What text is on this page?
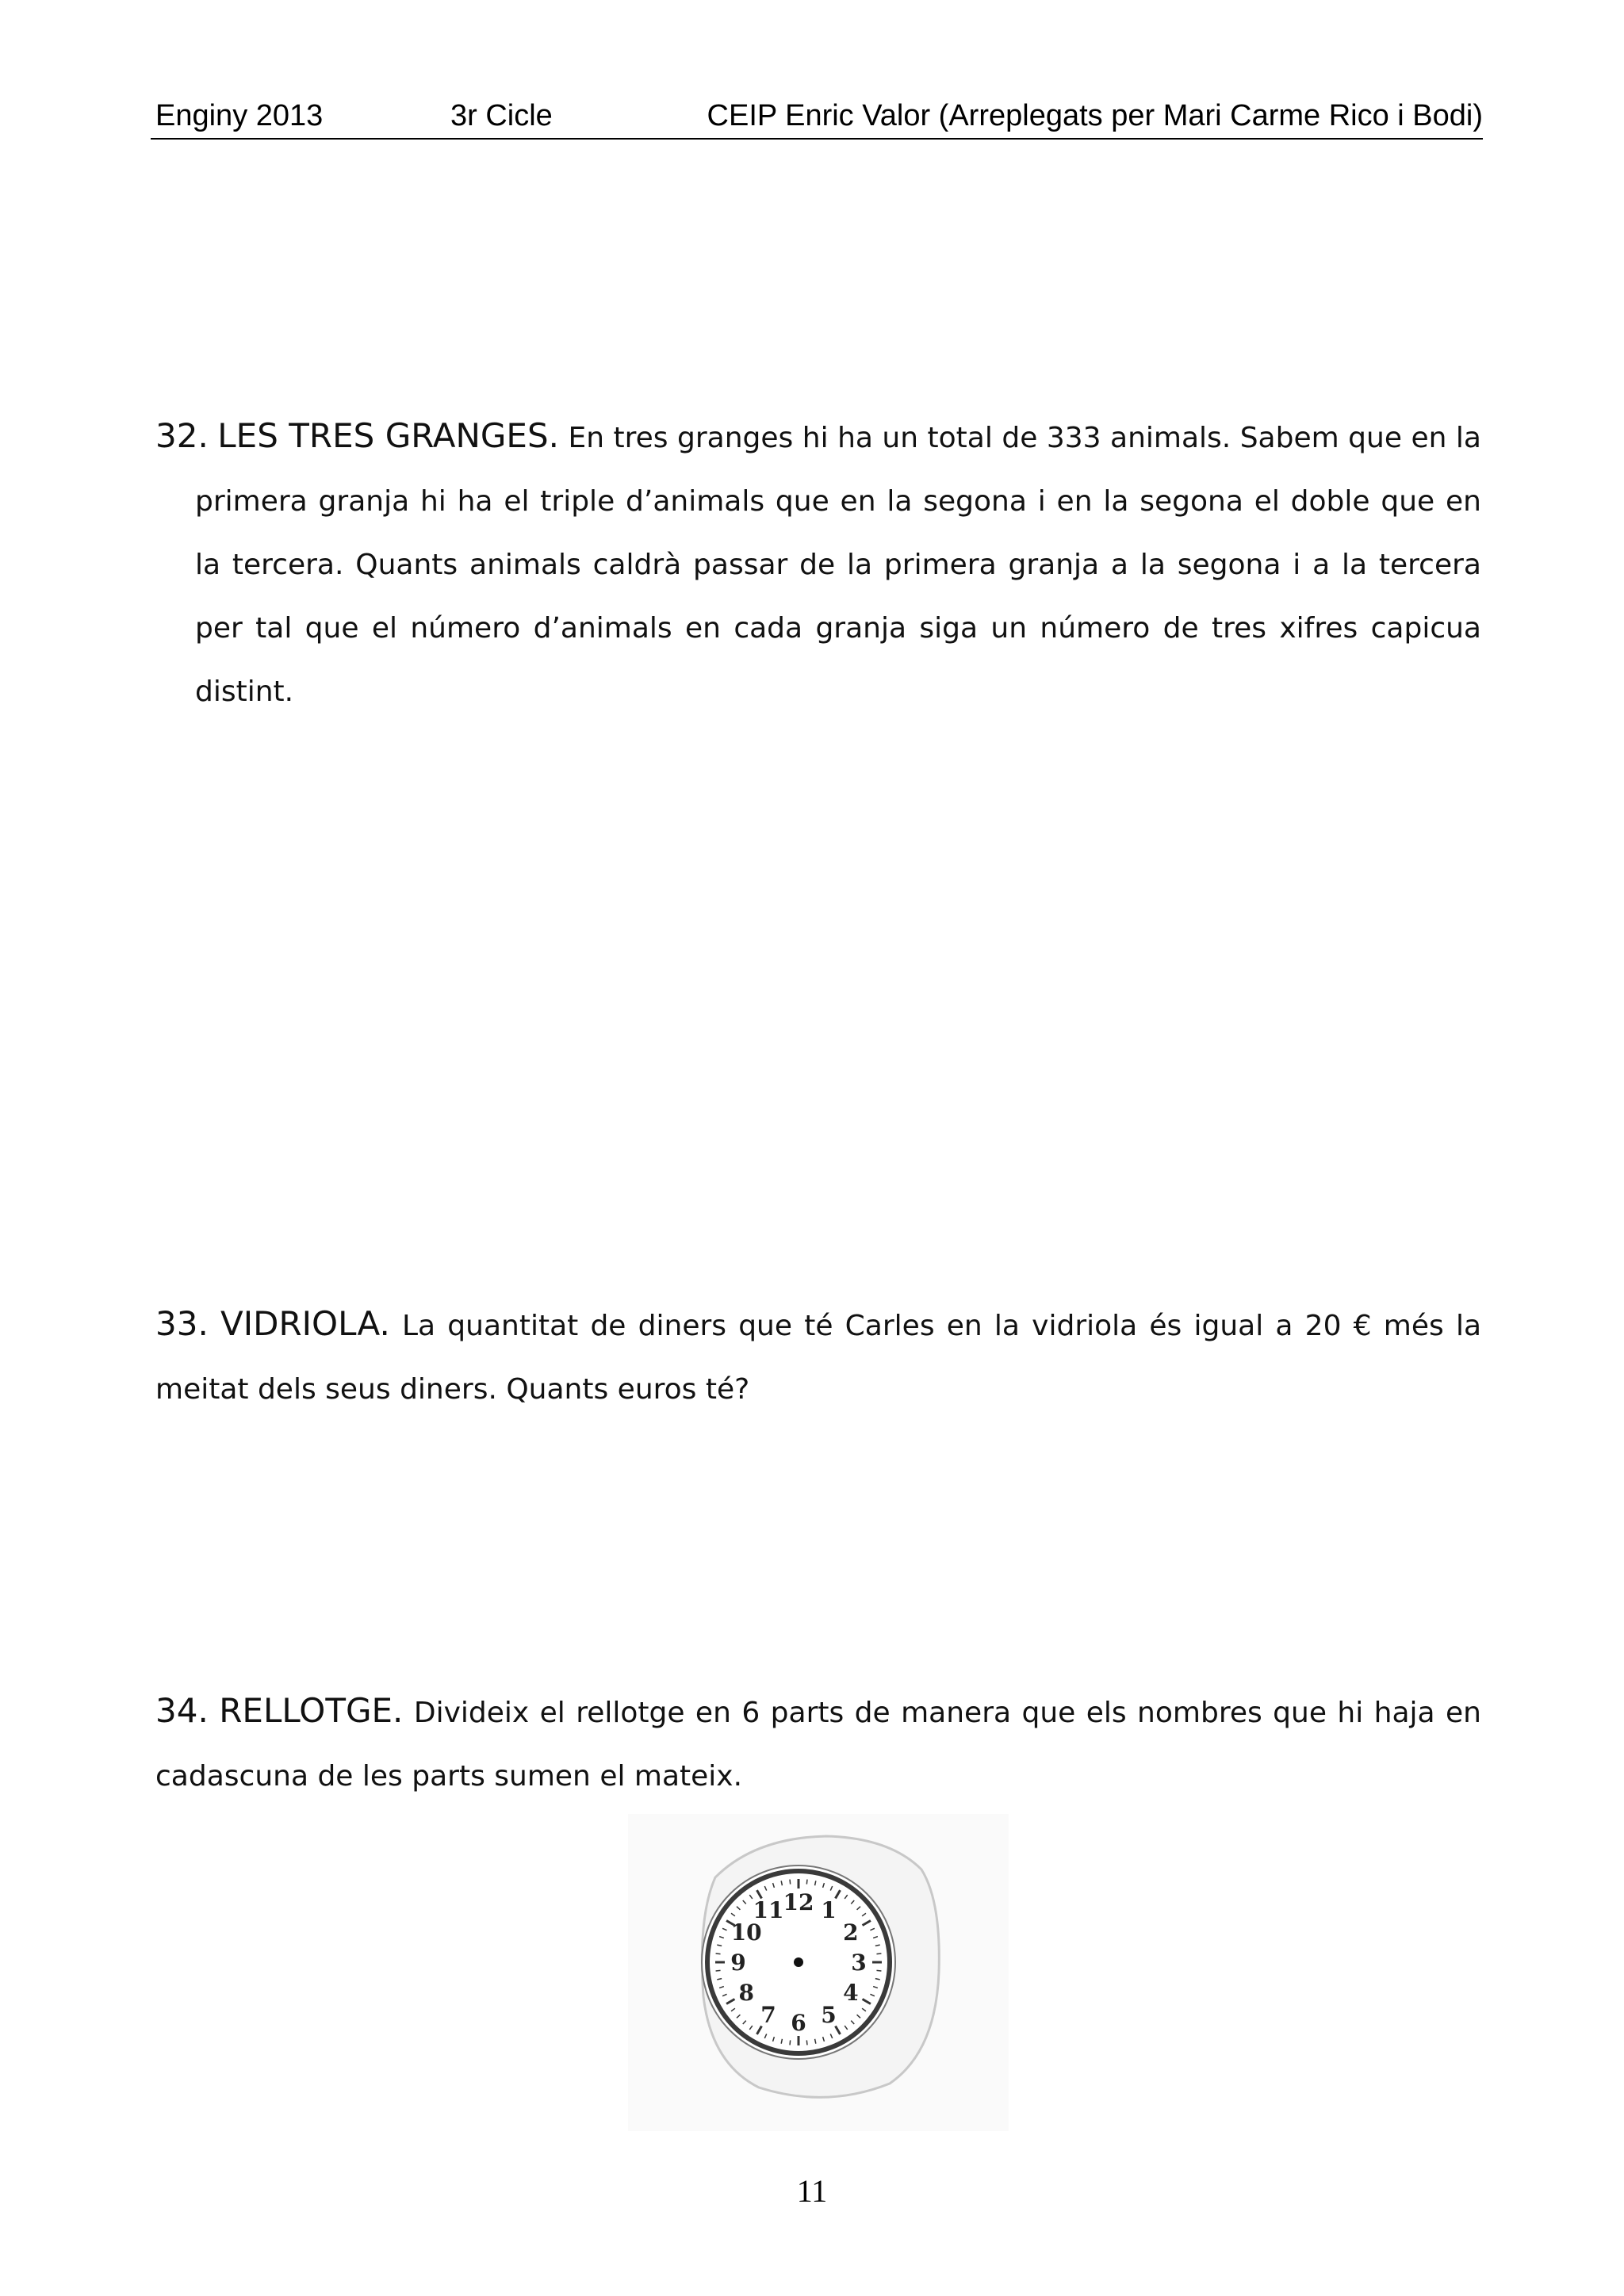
Enginy 2013	3r Cicle	CEIP Enric Valor (Arreplegats per Mari Carme Rico i Bodi)
32. LES TRES GRANGES. En tres granges hi ha un total de 333 animals. Sabem que en la primera granja hi ha el triple d’animals que en la segona i en la segona el doble que en la tercera. Quants animals caldrà passar de la primera granja a la segona i a la tercera per tal que el número d’animals en cada granja siga un número de tres xifres capicua distint.
33. VIDRIOLA. La quantitat de diners que té Carles en la vidriola és igual a 20 € més la meitat dels seus diners. Quants euros té?
34. RELLOTGE. Divideix el rellotge en 6 parts de manera que els nombres que hi haja en cadascuna de les parts sumen el mateix.
12 1
2
3
4
5
6
7
8
9
10
11
11
